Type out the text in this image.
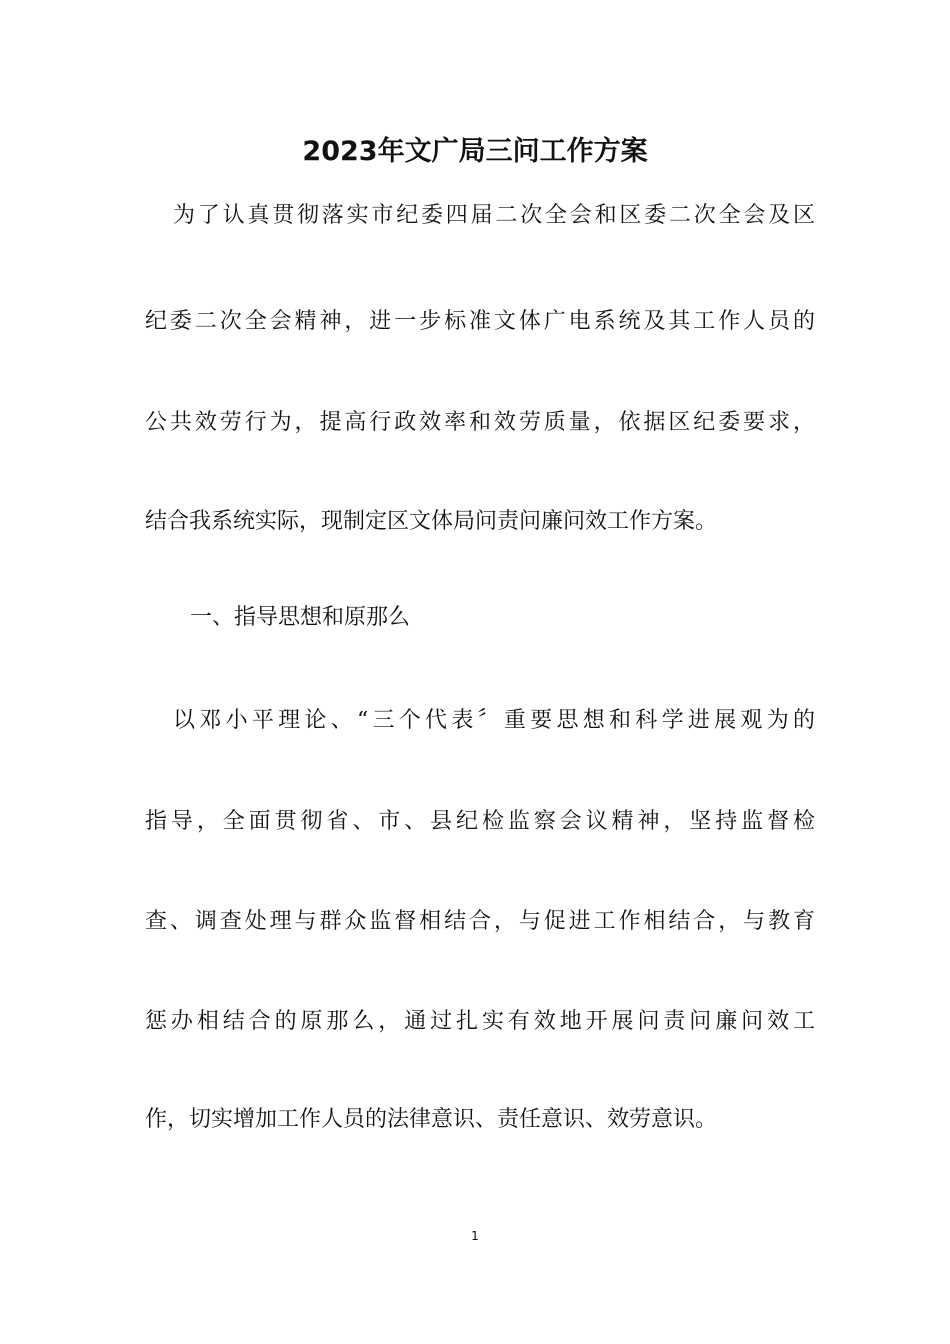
2023年文广局三问工作方案
为了认真贯彻落实市纪委四届二次全会和区委二次全会及区
纪委二次全会精神，进一步标准文体广电系统及其工作人员的
公共效劳行为，提高行政效率和效劳质量，依据区纪委要求，
结合我系统实际，现制定区文体局问责问廉问效工作方案。
一、指导思想和原那么
以邓小平理论、“三个代表〞重要思想和科学进展观为的
指导，全面贯彻省、市、县纪检监察会议精神，坚持监督检
查、调查处理与群众监督相结合，与促进工作相结合，与教育
惩办相结合的原那么，通过扎实有效地开展问责问廉问效工
作，切实增加工作人员的法律意识、责任意识、效劳意识。
1
